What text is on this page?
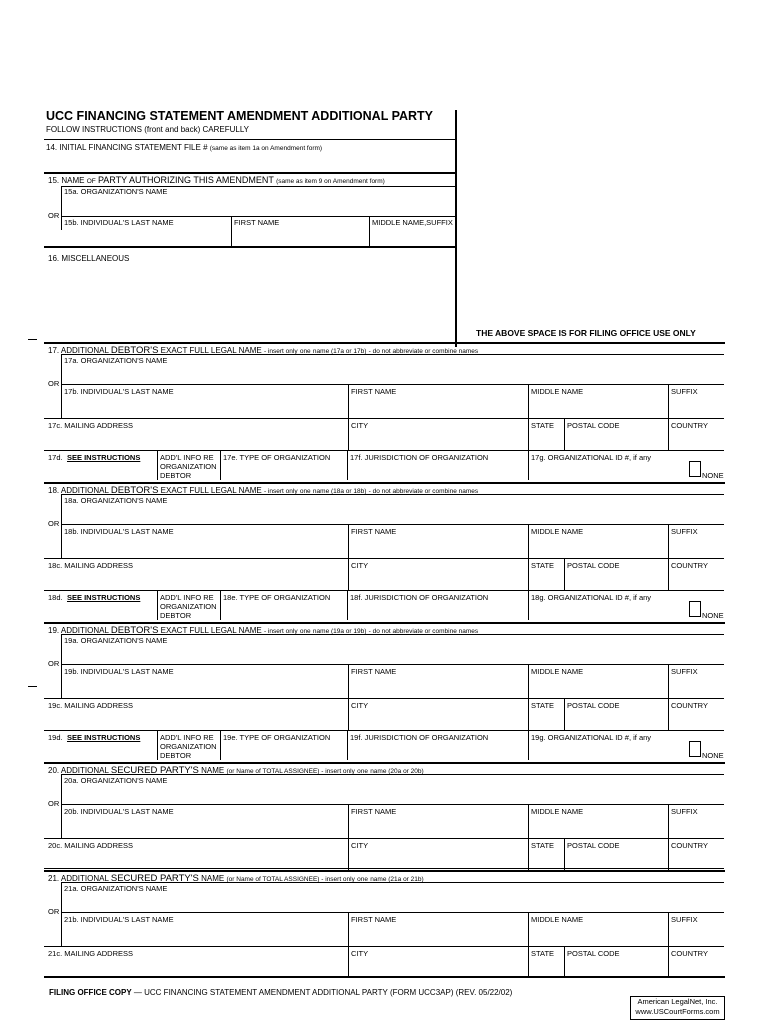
UCC FINANCING STATEMENT AMENDMENT ADDITIONAL PARTY
FOLLOW INSTRUCTIONS (front and back) CAREFULLY
14. INITIAL FINANCING STATEMENT FILE # (same as item 1a on Amendment form)
15. NAME OF PARTY AUTHORIZING THIS AMENDMENT (same as item 9 on Amendment form)
15a. ORGANIZATION'S NAME
OR
15b. INDIVIDUAL'S LAST NAME	FIRST NAME	MIDDLE NAME,SUFFIX
16. MISCELLANEOUS
THE ABOVE SPACE IS FOR FILING OFFICE USE ONLY
17. ADDITIONAL DEBTOR'S EXACT FULL LEGAL NAME - insert only one name (17a or 17b) - do not abbreviate or combine names
17a. ORGANIZATION'S NAME
OR
17b. INDIVIDUAL'S LAST NAME	FIRST NAME	MIDDLE NAME	SUFFIX
17c. MAILING ADDRESS	CITY	STATE POSTAL CODE	COUNTRY
17d. SEE INSTRUCTIONS	ADD'L INFO RE
ORGANIZATION
DEBTOR
17e. TYPE OF ORGANIZATION	17f. JURISDICTION OF ORGANIZATION	17g. ORGANIZATIONAL ID #, if any
NONE
18. ADDITIONAL DEBTOR'S EXACT FULL LEGAL NAME - insert only one name (18a or 18b) - do not abbreviate or combine names
18a. ORGANIZATION'S NAME
OR
18b. INDIVIDUAL'S LAST NAME	FIRST NAME	MIDDLE NAME	SUFFIX
18c. MAILING ADDRESS	CITY	STATE POSTAL CODE	COUNTRY
18d. SEE INSTRUCTIONS	ADD'L INFO RE
ORGANIZATION
DEBTOR
18e. TYPE OF ORGANIZATION	18f. JURISDICTION OF ORGANIZATION	18g. ORGANIZATIONAL ID #, if any
NONE
19. ADDITIONAL DEBTOR'S EXACT FULL LEGAL NAME - insert only one name (19a or 19b) - do not abbreviate or combine names
19a. ORGANIZATION'S NAME
OR
19b. INDIVIDUAL'S LAST NAME	FIRST NAME	MIDDLE NAME	SUFFIX
19c. MAILING ADDRESS	CITY	STATE POSTAL CODE	COUNTRY
19d. SEE INSTRUCTIONS	ADD'L INFO RE
ORGANIZATION
DEBTOR
19e. TYPE OF ORGANIZATION	19f. JURISDICTION OF ORGANIZATION	19g. ORGANIZATIONAL ID #, if any
NONE
20. ADDITIONAL SECURED PARTY'S NAME (or Name of TOTAL ASSIGNEE) - insert only one name (20a or 20b)
20a. ORGANIZATION'S NAME
OR
20b. INDIVIDUAL'S LAST NAME	FIRST NAME	MIDDLE NAME	SUFFIX
20c. MAILING ADDRESS	CITY	STATE POSTAL CODE	COUNTRY
21. ADDITIONAL SECURED PARTY'S NAME (or Name of TOTAL ASSIGNEE) - insert only one name (21a or 21b)
21a. ORGANIZATION'S NAME
OR
21b. INDIVIDUAL'S LAST NAME	FIRST NAME	MIDDLE NAME	SUFFIX
21c. MAILING ADDRESS	CITY	STATE POSTAL CODE	COUNTRY
FILING OFFICE COPY — UCC FINANCING STATEMENT AMENDMENT ADDITIONAL PARTY (FORM UCC3AP) (REV. 05/22/02)
American LegalNet, Inc.
www.USCourtForms.com
